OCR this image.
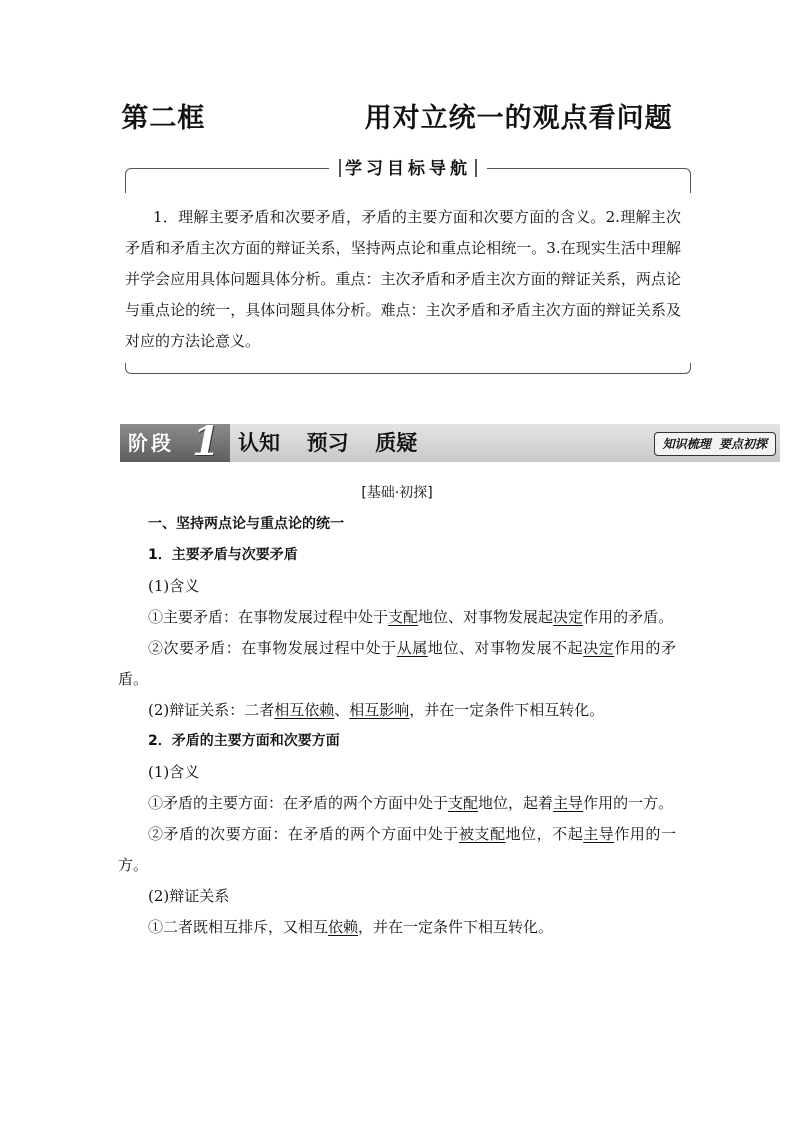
第二框	用对立统一的观点看问题
学习目标导航
1．理解主要矛盾和次要矛盾，矛盾的主要方面和次要方面的含义。2.理解主次矛盾和矛盾主次方面的辩证关系，坚持两点论和重点论相统一。3.在现实生活中理解并学会应用具体问题具体分析。重点：主次矛盾和矛盾主次方面的辩证关系，两点论与重点论的统一，具体问题具体分析。难点：主次矛盾和矛盾主次方面的辩证关系及对应的方法论意义。
阶段 1 认知  预习  质疑	知识梳理  要点初探
[基础·初探]

一、坚持两点论与重点论的统一

1．主要矛盾与次要矛盾

(1)含义

①主要矛盾：在事物发展过程中处于支配地位、对事物发展起决定作用的矛盾。

②次要矛盾：在事物发展过程中处于从属地位、对事物发展不起决定作用的矛盾。

(2)辩证关系：二者相互依赖、相互影响，并在一定条件下相互转化。

2．矛盾的主要方面和次要方面

(1)含义

①矛盾的主要方面：在矛盾的两个方面中处于支配地位，起着主导作用的一方。

②矛盾的次要方面：在矛盾的两个方面中处于被支配地位，不起主导作用的一方。

(2)辩证关系

①二者既相互排斥，又相互依赖，并在一定条件下相互转化。
